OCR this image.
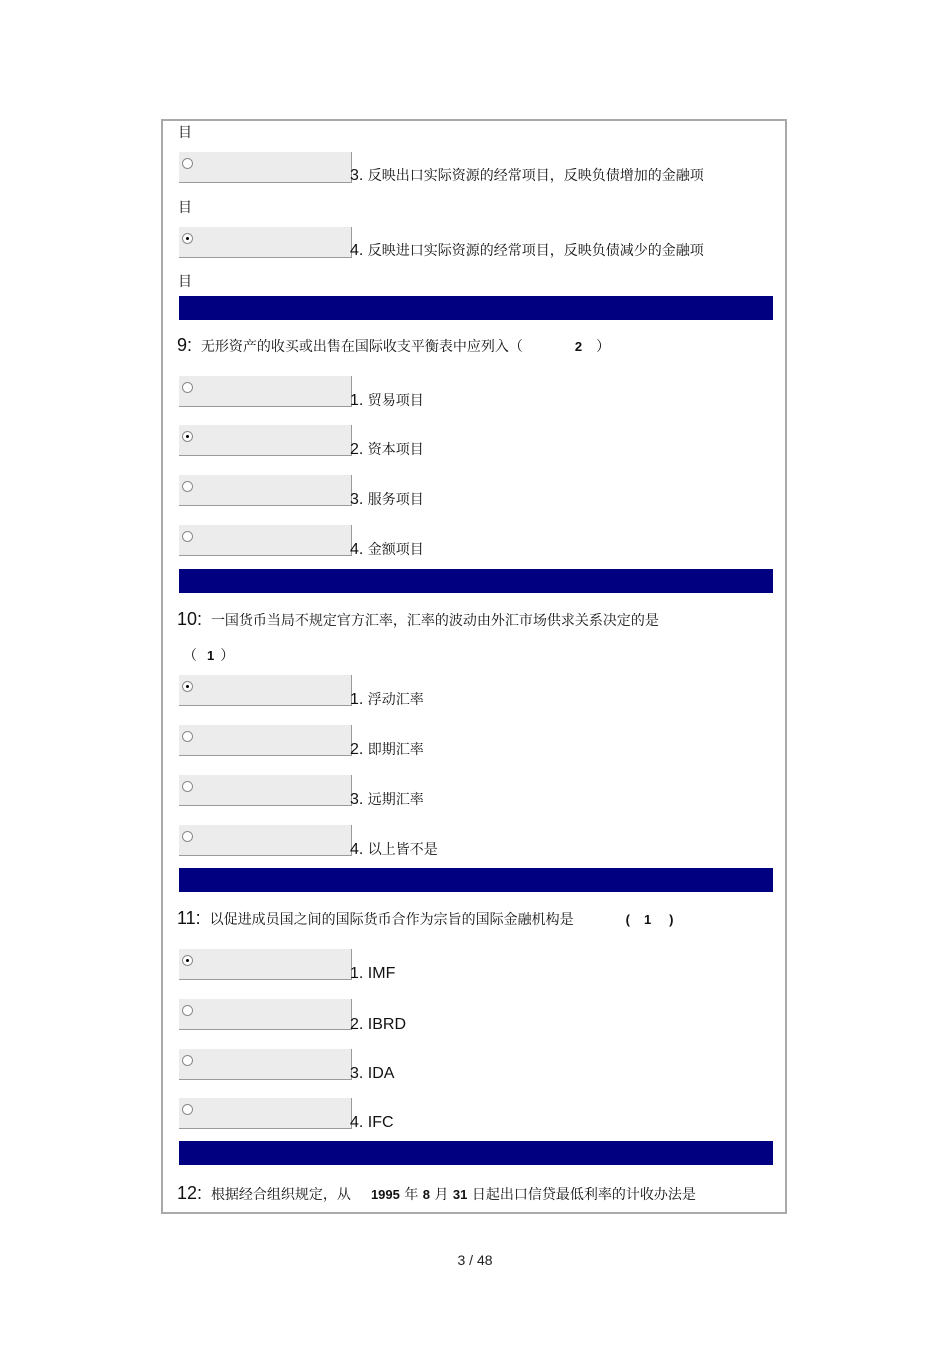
目
3. 反映出口实际资源的经常项目，反映负债增加的金融项
目
4. 反映进口实际资源的经常项目，反映负债减少的金融项
目
9: 无形资产的收买或出售在国际收支平衡表中应列入（	2 ）
1. 贸易项目
2. 资本项目
3. 服务项目
4. 金额项目
10: 一国货币当局不规定官方汇率，汇率的波动由外汇市场供求关系决定的是
（ 1 ）
1. 浮动汇率
2. 即期汇率
3. 远期汇率
4. 以上皆不是
11: 以促进成员国之间的国际货币合作为宗旨的国际金融机构是	( 1 )
1. IMF
2. IBRD
3. IDA
4. IFC
12: 根据经合组织规定，从 1995 年 8 月 31 日起出口信贷最低利率的计收办法是
3 / 48
